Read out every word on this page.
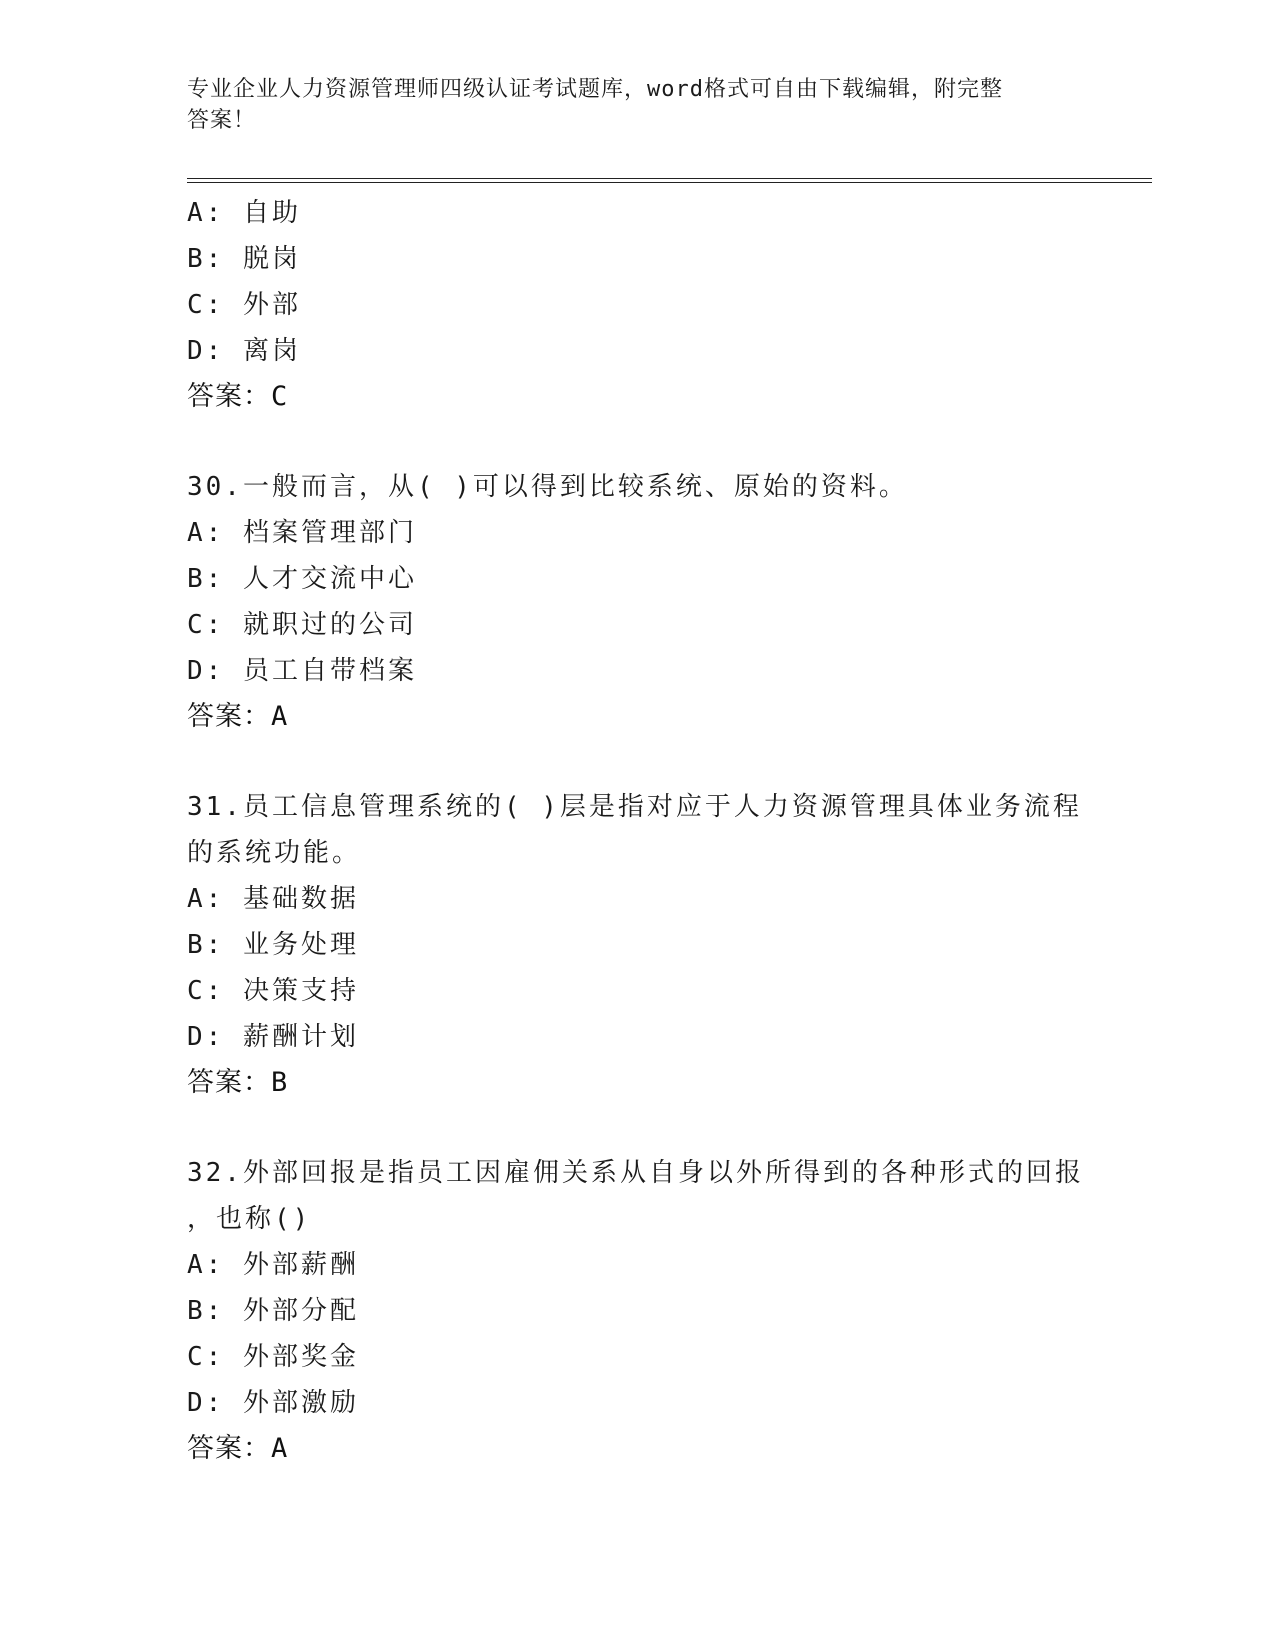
专业企业人力资源管理师四级认证考试题库，word格式可自由下载编辑，附完整
答案！
A: 自助
B: 脱岗
C: 外部
D: 离岗
答案：C
30.一般而言，从( )可以得到比较系统、原始的资料。
A: 档案管理部门
B: 人才交流中心
C: 就职过的公司
D: 员工自带档案
答案：A
31.员工信息管理系统的( )层是指对应于人力资源管理具体业务流程
的系统功能。
A: 基础数据
B: 业务处理
C: 决策支持
D: 薪酬计划
答案：B
32.外部回报是指员工因雇佣关系从自身以外所得到的各种形式的回报
，也称()
A: 外部薪酬
B: 外部分配
C: 外部奖金
D: 外部激励
答案：A
